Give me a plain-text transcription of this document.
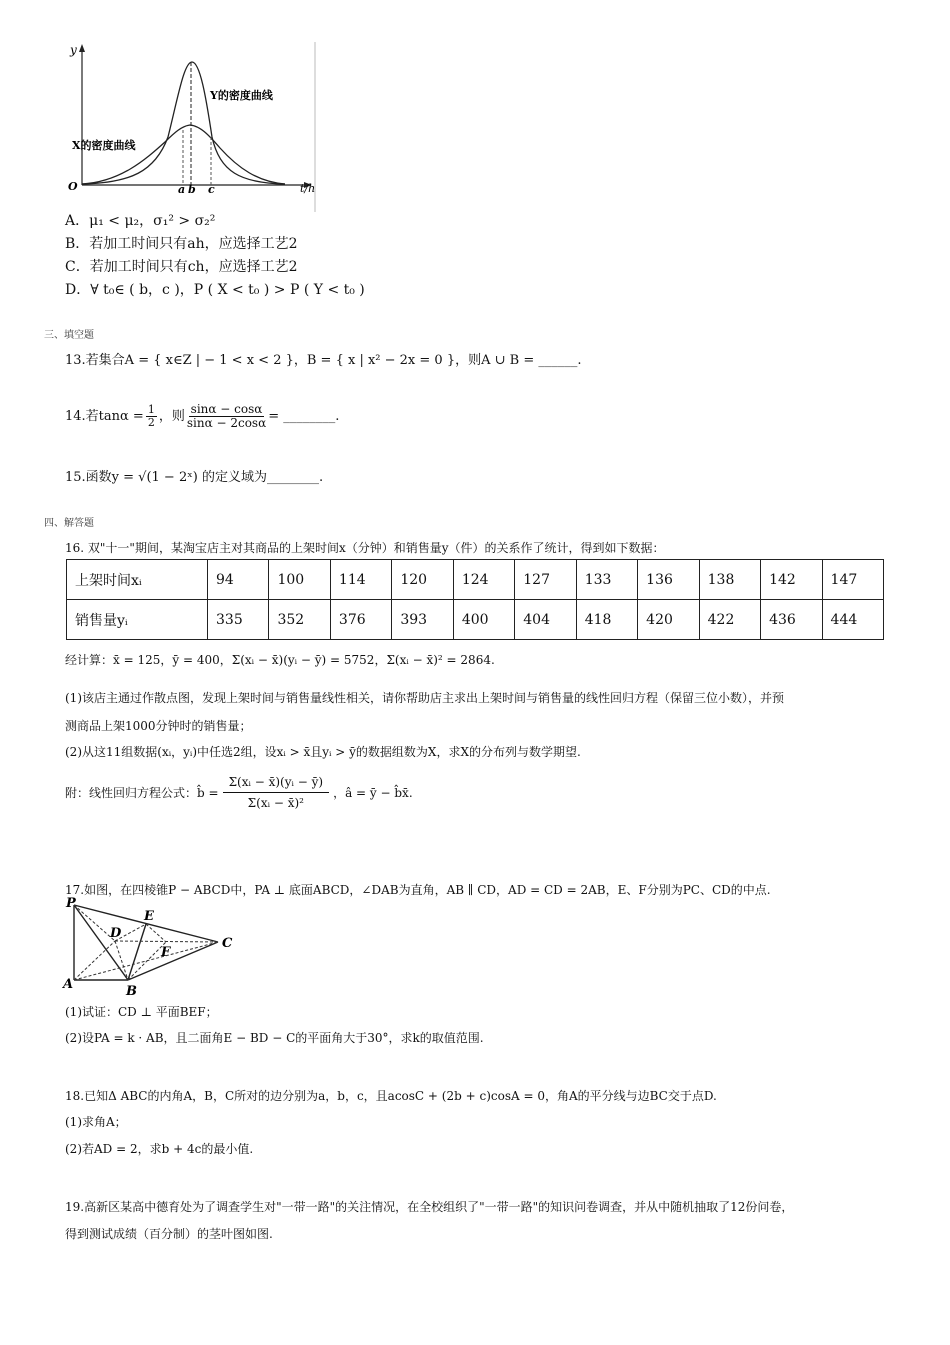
y
t/h
O	a b c
Y的密度曲线
X的密度曲线
A．μ₁ < μ₂，σ₁² > σ₂²
B．若加工时间只有ah，应选择工艺2
C．若加工时间只有ch，应选择工艺2
D．∀ t₀∈ ( b，c )，P ( X < t₀ ) > P ( Y < t₀ )
三、填空题
13.若集合A = { x∈Z | − 1 < x < 2 }，B = { x | x² − 2x = 0 }，则A ∪ B = ______.
14.若$\tan\alpha = \frac{1}{2}$ ，则 $\frac{\sin\alpha - \cos\alpha}{\sin\alpha - 2\cos\alpha}$ = ________.
15.函数y = √(1 − 2ˣ) 的定义域为________.
四、解答题
16. 双"十一"期间，某淘宝店主对其商品的上架时间x（分钟）和销售量y（件）的关系作了统计，得到如下数据：
上架时间xᵢ	94	100	114	120	124	127	133	136	138	142	147
销售量yᵢ	335	352	376	393	400	404	418	420	422	436	444
经计算：x̄ = 125，ȳ = 400，Σ(xᵢ − x̄)(yᵢ − ȳ) = 5752，Σ(xᵢ − x̄)² = 2864.
(1)该店主通过作散点图，发现上架时间与销售量线性相关，请你帮助店主求出上架时间与销售量的线性回归方程（保留三位小数），并预
测商品上架1000分钟时的销售量；
(2)从这11组数据(xᵢ，yᵢ)中任选2组，设xᵢ > x̄且yᵢ > ȳ的数据组数为X，求X的分布列与数学期望.
附：线性回归方程公式：b̂ = $\frac{\text{Σ(xᵢ − x̄)(yᵢ − ȳ)}}{\text{Σ(xᵢ − x̄)²}}$ ，â = ȳ − b̂x̄.
17.如图，在四棱锥P − ABCD中，PA ⊥ 底面ABCD，∠DAB为直角，AB ∥ CD，AD = CD = 2AB，E、F分别为PC、CD的中点.
P
A	B
C
D
E
F
(1)试证：CD ⊥ 平面BEF；
(2)设PA = k · AB，且二面角E − BD − C的平面角大于30°，求k的取值范围.
18.已知Δ ABC的内角A，B，C所对的边分别为a，b，c，且acosC + (2b + c)cosA = 0，角A的平分线与边BC交于点D.
(1)求角A；
(2)若AD = 2，求b + 4c的最小值.
19.高新区某高中德育处为了调查学生对"一带一路"的关注情况，在全校组织了"一带一路"的知识问卷调查，并从中随机抽取了12份问卷，
得到测试成绩（百分制）的茎叶图如图.
